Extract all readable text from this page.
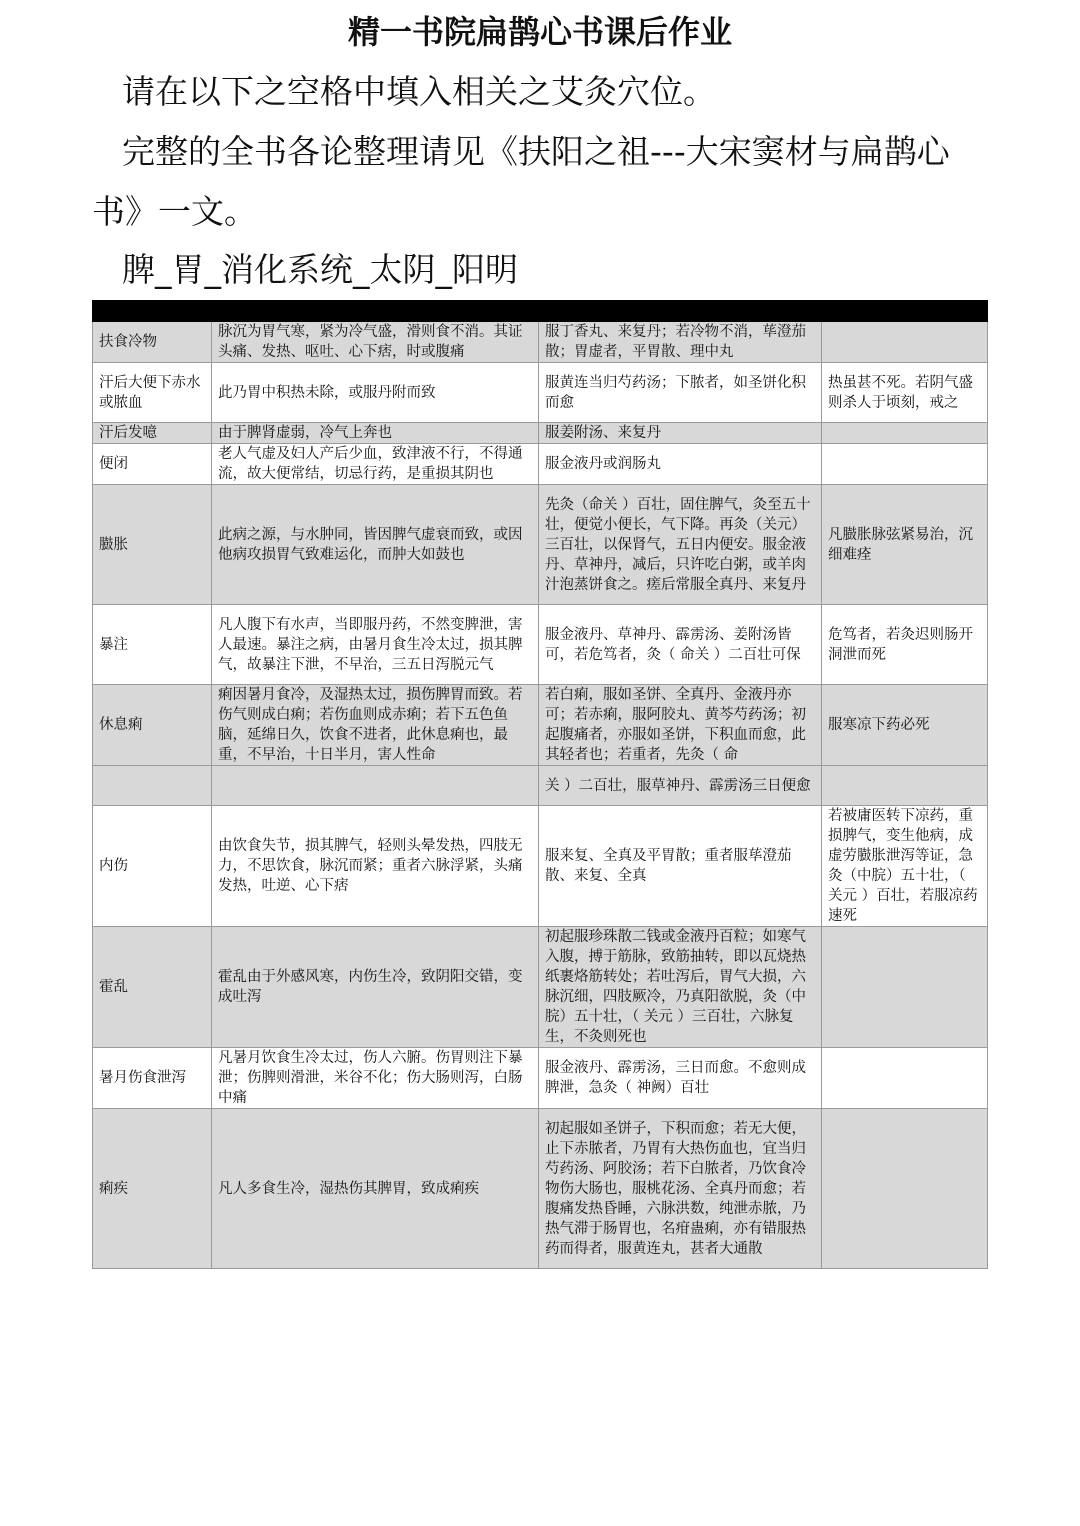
精一书院扁鹊心书课后作业
请在以下之空格中填入相关之艾灸穴位。
完整的全书各论整理请见《扶阳之祖---大宋窦材与扁鹊心书》一文。
脾_胃_消化系统_太阴_阳明

扶食冷物	脉沉为胃气寒，紧为冷气盛，滑则食不消。其证头痛、发热、呕吐、心下痞，时或腹痛	服丁香丸、来复丹；若冷物不消，荜澄茄散；胃虚者，平胃散、理中丸	
汗后大便下赤水或脓血	此乃胃中积热未除，或服丹附而致	服黄连当归芍药汤；下脓者，如圣饼化积而愈	热虽甚不死。若阴气盛则杀人于顷刻，戒之
汗后发噫	由于脾肾虚弱，冷气上奔也	服姜附汤、来复丹	
便闭	老人气虚及妇人产后少血，致津液不行，不得通流，故大便常结，切忌行药，是重损其阴也	服金液丹或润肠丸	
臌胀	此病之源，与水肿同，皆因脾气虚衰而致，或因他病攻损胃气致难运化，而肿大如鼓也	先灸（命关 ）百壮，固住脾气，灸至五十壮，便觉小便长，气下降。再灸（关元）三百壮，以保肾气，五日内便安。服金液丹、草神丹，减后，只许吃白粥，或羊肉汁泡蒸饼食之。瘥后常服全真丹、来复丹	凡臌胀脉弦紧易治，沉细难痊
暴注	凡人腹下有水声，当即服丹药，不然变脾泄，害人最速。暴注之病，由暑月食生冷太过，损其脾气，故暴注下泄，不早治，三五日泻脱元气	服金液丹、草神丹、霹雳汤、姜附汤皆可，若危笃者，灸（ 命关 ）二百壮可保	危笃者，若灸迟则肠开洞泄而死
休息痢	痢因暑月食冷，及湿热太过，损伤脾胃而致。若伤气则成白痢；若伤血则成赤痢；若下五色鱼脑，延绵日久，饮食不进者，此休息痢也，最重，不早治，十日半月，害人性命	若白痢，服如圣饼、全真丹、金液丹亦可；若赤痢，服阿胶丸、黄芩芍药汤；初起腹痛者，亦服如圣饼，下积血而愈，此其轻者也；若重者，先灸（ 命	服寒凉下药必死
		关 ）二百壮，服草神丹、霹雳汤三日便愈	
内伤	由饮食失节，损其脾气，轻则头晕发热，四肢无力，不思饮食，脉沉而紧；重者六脉浮紧，头痛发热，吐逆、心下痞	服来复、全真及平胃散；重者服荜澄茄散、来复、全真	若被庸医转下凉药，重损脾气，变生他病，成虚劳臌胀泄泻等证，急灸（中脘）五十壮，（ 关元 ）百壮，若服凉药速死
霍乱	霍乱由于外感风寒，内伤生冷，致阴阳交错，变成吐泻	初起服珍珠散二钱或金液丹百粒；如寒气入腹，搏于筋脉，致筋抽转，即以瓦烧热纸裹烙筋转处；若吐泻后，胃气大损，六脉沉细，四肢厥冷，乃真阳欲脱，灸（中脘）五十壮，（ 关元 ）三百壮，六脉复生，不灸则死也	
暑月伤食泄泻	凡暑月饮食生冷太过，伤人六腑。伤胃则注下暴泄；伤脾则滑泄，米谷不化；伤大肠则泻，白肠中痛	服金液丹、霹雳汤，三日而愈。不愈则成脾泄，急灸（ 神阙）百壮	
痢疾	凡人多食生冷，湿热伤其脾胃，致成痢疾	初起服如圣饼子，下积而愈；若无大便，止下赤脓者，乃胃有大热伤血也，宜当归芍药汤、阿胶汤；若下白脓者，乃饮食冷物伤大肠也，服桃花汤、全真丹而愈；若腹痛发热昏睡，六脉洪数，纯泄赤脓，乃热气滞于肠胃也，名疳蛊痢，亦有错服热药而得者，服黄连丸，甚者大通散	
